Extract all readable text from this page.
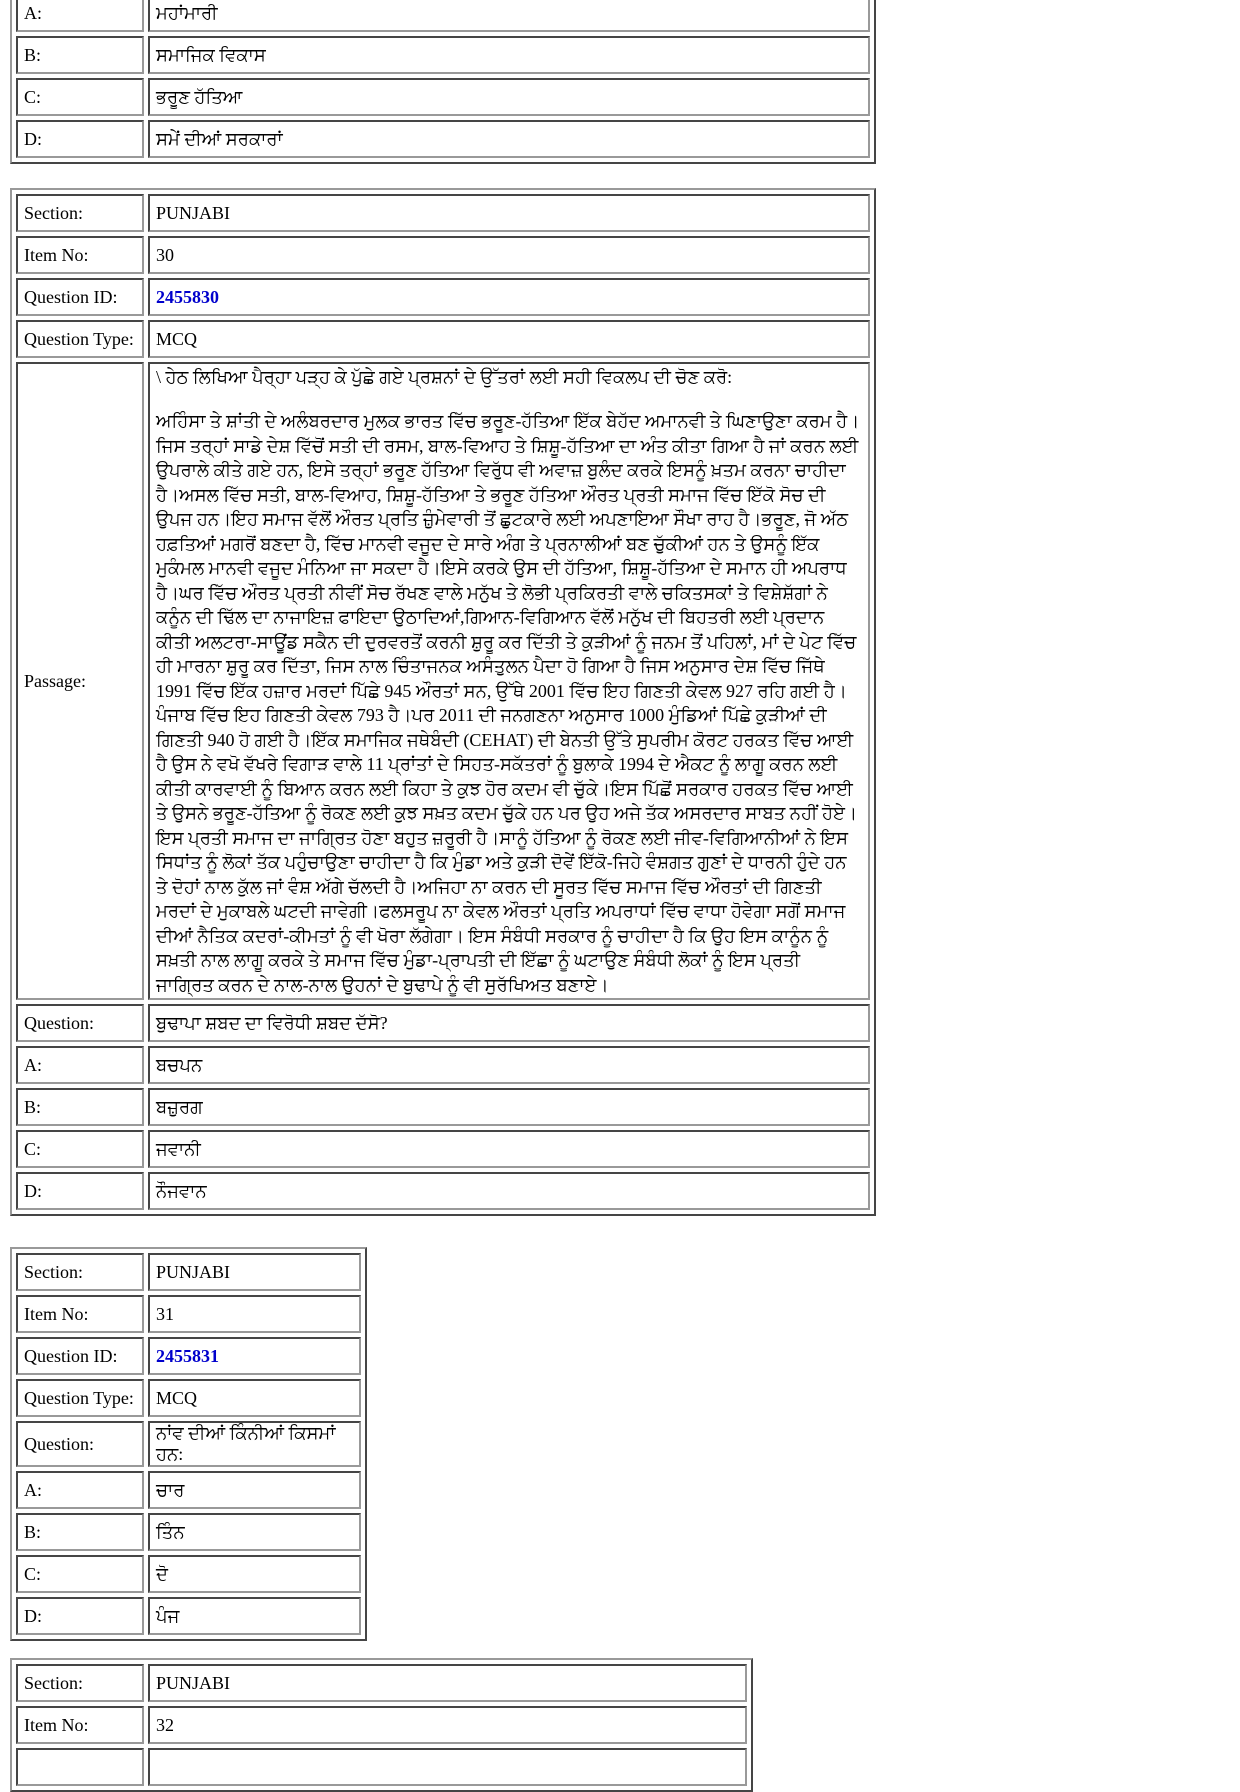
A:	ਮਹਾਂਮਾਰੀ
B:	ਸਮਾਜਿਕ ਵਿਕਾਸ
C:	ਭਰੂਣ ਹੱਤਿਆ
D:	ਸਮੇਂ ਦੀਆਂ ਸਰਕਾਰਾਂ
Section:	PUNJABI
Item No:	30
Question ID:	2455830
Question Type:	MCQ
Passage:	\ ਹੇਠ ਲਿਖਿਆ ਪੈਰ੍ਹਾ ਪੜ੍ਹ ਕੇ ਪੁੱਛੇ ਗਏ ਪ੍ਰਸ਼ਨਾਂ ਦੇ ਉੱਤਰਾਂ ਲਈ ਸਹੀ ਵਿਕਲਪ ਦੀ ਚੋਣ ਕਰੋ:

ਅਹਿੰਸਾ ਤੇ ਸ਼ਾਂਤੀ ਦੇ ਅਲੰਬਰਦਾਰ ਮੁਲਕ ਭਾਰਤ ਵਿੱਚ ਭਰੂਣ-ਹੱਤਿਆ ਇੱਕ ਬੇਹੱਦ ਅਮਾਨਵੀ ਤੇ ਘਿਣਾਉਣਾ ਕਰਮ ਹੈ।ਜਿਸ ਤਰ੍ਹਾਂ ਸਾਡੇ ਦੇਸ਼ ਵਿੱਚੋਂ ਸਤੀ ਦੀ ਰਸਮ, ਬਾਲ-ਵਿਆਹ ਤੇ ਸ਼ਿਸ਼ੂ-ਹੱਤਿਆ ਦਾ ਅੰਤ ਕੀਤਾ ਗਿਆ ਹੈ ਜਾਂ ਕਰਨ ਲਈ ਉਪਰਾਲੇ ਕੀਤੇ ਗਏ ਹਨ, ਇਸੇ ਤਰ੍ਹਾਂ ਭਰੂਣ ਹੱਤਿਆ ਵਿਰੁੱਧ ਵੀ ਅਵਾਜ਼ ਬੁਲੰਦ ਕਰਕੇ ਇਸਨੂੰ ਖ਼ਤਮ ਕਰਨਾ ਚਾਹੀਦਾ ਹੈ।ਅਸਲ ਵਿੱਚ ਸਤੀ, ਬਾਲ-ਵਿਆਹ, ਸ਼ਿਸ਼ੂ-ਹੱਤਿਆ ਤੇ ਭਰੂਣ ਹੱਤਿਆ ਔਰਤ ਪ੍ਰਤੀ ਸਮਾਜ ਵਿੱਚ ਇੱਕੋ ਸੋਚ ਦੀ ਉਪਜ ਹਨ।ਇਹ ਸਮਾਜ ਵੱਲੋਂ ਔਰਤ ਪ੍ਰਤਿ ਜ਼ੁੰਮੇਵਾਰੀ ਤੋਂ ਛੁਟਕਾਰੇ ਲਈ ਅਪਣਾਇਆ ਸੌਖਾ ਰਾਹ ਹੈ।ਭਰੂਣ, ਜੋ ਅੱਠ ਹਫ਼ਤਿਆਂ ਮਗਰੋਂ ਬਣਦਾ ਹੈ, ਵਿੱਚ ਮਾਨਵੀ ਵਜੂਦ ਦੇ ਸਾਰੇ ਅੰਗ ਤੇ ਪ੍ਰਨਾਲੀਆਂ ਬਣ ਚੁੱਕੀਆਂ ਹਨ ਤੇ ਉਸਨੂੰ ਇੱਕ ਮੁਕੰਮਲ ਮਾਨਵੀ ਵਜੂਦ ਮੰਨਿਆ ਜਾ ਸਕਦਾ ਹੈ।ਇਸੇ ਕਰਕੇ ਉਸ ਦੀ ਹੱਤਿਆ, ਸ਼ਿਸ਼ੂ-ਹੱਤਿਆ ਦੇ ਸਮਾਨ ਹੀ ਅਪਰਾਧ ਹੈ।ਘਰ ਵਿੱਚ ਔਰਤ ਪ੍ਰਤੀ ਨੀਵੀਂ ਸੋਚ ਰੱਖਣ ਵਾਲੇ ਮਨੁੱਖ ਤੇ ਲੋਭੀ ਪ੍ਰਕਿਰਤੀ ਵਾਲੇ ਚਕਿਤਸਕਾਂ ਤੇ ਵਿਸ਼ੇਸ਼ੱਗਾਂ ਨੇ ਕਨੂੰਨ ਦੀ ਢਿੱਲ ਦਾ ਨਾਜਾਇਜ਼ ਫਾਇਦਾ ਉਠਾਦਿਆਂ,ਗਿਆਨ-ਵਿਗਿਆਨ ਵੱਲੋਂ ਮਨੁੱਖ ਦੀ ਬਿਹਤਰੀ ਲਈ ਪ੍ਰਦਾਨ ਕੀਤੀ ਅਲਟਰਾ-ਸਾਊਂਡ ਸਕੈਨ ਦੀ ਦੁਰਵਰਤੋਂ ਕਰਨੀ ਸ਼ੁਰੂ ਕਰ ਦਿੱਤੀ ਤੇ ਕੁੜੀਆਂ ਨੂੰ ਜਨਮ ਤੋਂ ਪਹਿਲਾਂ, ਮਾਂ ਦੇ ਪੇਟ ਵਿੱਚ ਹੀ ਮਾਰਨਾ ਸ਼ੁਰੂ ਕਰ ਦਿੱਤਾ, ਜਿਸ ਨਾਲ ਚਿੰਤਾਜਨਕ ਅਸੰਤੁਲਨ ਪੈਦਾ ਹੋ ਗਿਆ ਹੈ ਜਿਸ ਅਨੁਸਾਰ ਦੇਸ਼ ਵਿੱਚ ਜਿੱਥੇ 1991 ਵਿੱਚ ਇੱਕ ਹਜ਼ਾਰ ਮਰਦਾਂ ਪਿੱਛੇ 945 ਔਰਤਾਂ ਸਨ, ਉੱਥੇ 2001 ਵਿੱਚ ਇਹ ਗਿਣਤੀ ਕੇਵਲ 927 ਰਹਿ ਗਈ ਹੈ।ਪੰਜਾਬ ਵਿੱਚ ਇਹ ਗਿਣਤੀ ਕੇਵਲ 793 ਹੈ।ਪਰ 2011 ਦੀ ਜਨਗਣਨਾ ਅਨੁਸਾਰ 1000 ਮੁੰਡਿਆਂ ਪਿੱਛੇ ਕੁੜੀਆਂ ਦੀ ਗਿਣਤੀ 940 ਹੋ ਗਈ ਹੈ।ਇੱਕ ਸਮਾਜਿਕ ਜਥੇਬੰਦੀ (CEHAT) ਦੀ ਬੇਨਤੀ ਉੱਤੇ ਸੁਪਰੀਮ ਕੋਰਟ ਹਰਕਤ ਵਿੱਚ ਆਈ ਹੈ ਉਸ ਨੇ ਵਖੋ ਵੱਖਰੇ ਵਿਗਾੜ ਵਾਲੇ 11 ਪ੍ਰਾਂਤਾਂ ਦੇ ਸਿਹਤ-ਸਕੱਤਰਾਂ ਨੂੰ ਬੁਲਾਕੇ 1994 ਦੇ ਐਕਟ ਨੂੰ ਲਾਗੂ ਕਰਨ ਲਈ ਕੀਤੀ ਕਾਰਵਾਈ ਨੂੰ ਬਿਆਨ ਕਰਨ ਲਈ ਕਿਹਾ ਤੇ ਕੁਝ ਹੋਰ ਕਦਮ ਵੀ ਚੁੱਕੇ।ਇਸ ਪਿੱਛੋਂ ਸਰਕਾਰ ਹਰਕਤ ਵਿੱਚ ਆਈ ਤੇ ਉਸਨੇ ਭਰੂਣ-ਹੱਤਿਆ ਨੂੰ ਰੋਕਣ ਲਈ ਕੁਝ ਸਖ਼ਤ ਕਦਮ ਚੁੱਕੇ ਹਨ ਪਰ ਉਹ ਅਜੇ ਤੱਕ ਅਸਰਦਾਰ ਸਾਬਤ ਨਹੀਂ ਹੋਏ।ਇਸ ਪ੍ਰਤੀ ਸਮਾਜ ਦਾ ਜਾਗ੍ਰਿਤ ਹੋਣਾ ਬਹੁਤ ਜ਼ਰੂਰੀ ਹੈ।ਸਾਨੂੰ ਹੱਤਿਆ ਨੂੰ ਰੋਕਣ ਲਈ ਜੀਵ-ਵਿਗਿਆਨੀਆਂ ਨੇ ਇਸ ਸਿਧਾਂਤ ਨੂੰ ਲੋਕਾਂ ਤੱਕ ਪਹੁੰਚਾਉਣਾ ਚਾਹੀਦਾ ਹੈ ਕਿ ਮੁੰਡਾ ਅਤੇ ਕੁੜੀ ਦੋਵੇਂ ਇੱਕੋ-ਜਿਹੇ ਵੰਸ਼ਗਤ ਗੁਣਾਂ ਦੇ ਧਾਰਨੀ ਹੁੰਦੇ ਹਨ ਤੇ ਦੋਹਾਂ ਨਾਲ ਕੁੱਲ ਜਾਂ ਵੰਸ਼ ਅੱਗੇ ਚੱਲਦੀ ਹੈ।ਅਜਿਹਾ ਨਾ ਕਰਨ ਦੀ ਸੂਰਤ ਵਿੱਚ ਸਮਾਜ ਵਿੱਚ ਔਰਤਾਂ ਦੀ ਗਿਣਤੀ ਮਰਦਾਂ ਦੇ ਮੁਕਾਬਲੇ ਘਟਦੀ ਜਾਵੇਗੀ।ਫਲਸਰੂਪ ਨਾ ਕੇਵਲ ਔਰਤਾਂ ਪ੍ਰਤਿ ਅਪਰਾਧਾਂ ਵਿੱਚ ਵਾਧਾ ਹੋਵੇਗਾ ਸਗੋਂ ਸਮਾਜ ਦੀਆਂ ਨੈਤਿਕ ਕਦਰਾਂ-ਕੀਮਤਾਂ ਨੂੰ ਵੀ ਖੋਰਾ ਲੱਗੇਗਾ। ਇਸ ਸੰਬੰਧੀ ਸਰਕਾਰ ਨੂੰ ਚਾਹੀਦਾ ਹੈ ਕਿ ਉਹ ਇਸ ਕਾਨੂੰਨ ਨੂੰ ਸਖ਼ਤੀ ਨਾਲ ਲਾਗੂ ਕਰਕੇ ਤੇ ਸਮਾਜ ਵਿੱਚ ਮੁੰਡਾ-ਪ੍ਰਾਪਤੀ ਦੀ ਇੱਛਾ ਨੂੰ ਘਟਾਉਣ ਸੰਬੰਧੀ ਲੋਕਾਂ ਨੂੰ ਇਸ ਪ੍ਰਤੀ ਜਾਗ੍ਰਿਤ ਕਰਨ ਦੇ ਨਾਲ-ਨਾਲ ਉਹਨਾਂ ਦੇ ਬੁਢਾਪੇ ਨੂੰ ਵੀ ਸੁਰੱਖਿਅਤ ਬਣਾਏ।

Question:	ਬੁਢਾਪਾ ਸ਼ਬਦ ਦਾ ਵਿਰੋਧੀ ਸ਼ਬਦ ਦੱਸੋ?
A:	ਬਚਪਨ
B:	ਬਜ਼ੁਰਗ
C:	ਜਵਾਨੀ
D:	ਨੌਜਵਾਨ
Section:	PUNJABI
Item No:	31
Question ID:	2455831
Question Type:	MCQ
Question:	ਨਾਂਵ ਦੀਆਂ ਕਿੰਨੀਆਂ ਕਿਸਮਾਂ ਹਨ:
A:	ਚਾਰ
B:	ਤਿੰਨ
C:	ਦੋ
D:	ਪੰਜ
Section:	PUNJABI
Item No:	32
